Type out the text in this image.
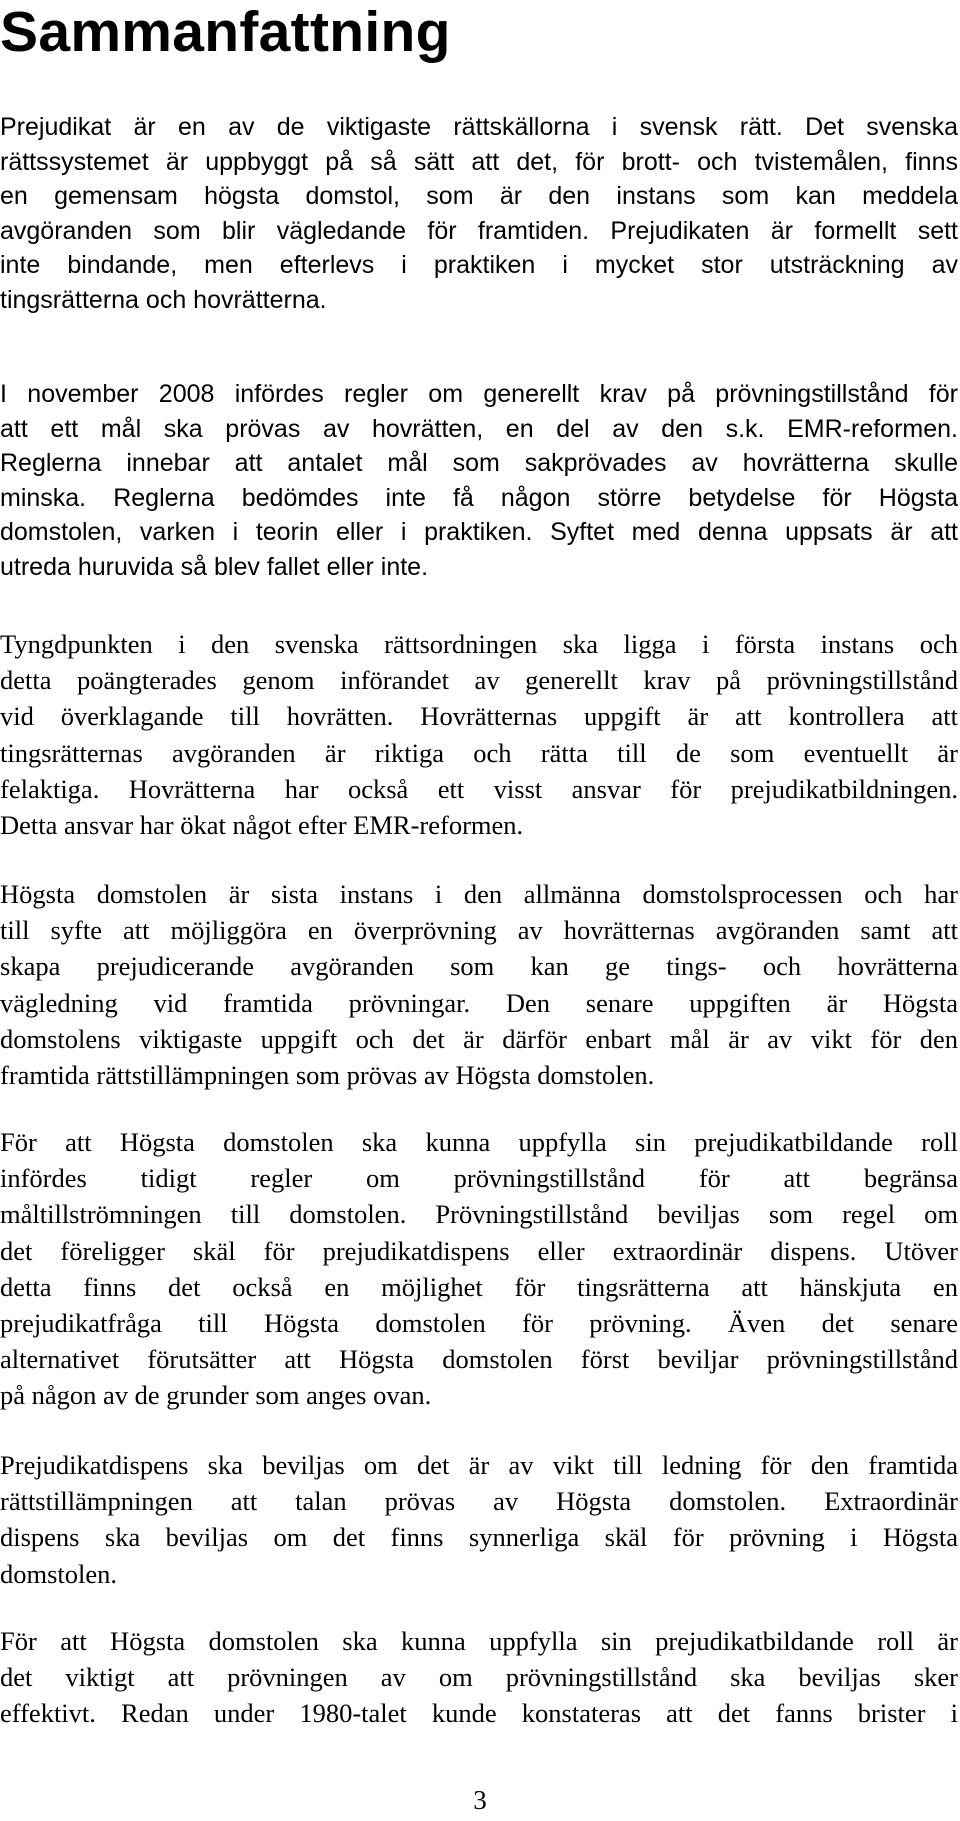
Sammanfattning
Prejudikat är en av de viktigaste rättskällorna i svensk rätt. Det svenska
rättssystemet är uppbyggt på så sätt att det, för brott- och tvistemålen, finns
en gemensam högsta domstol, som är den instans som kan meddela
avgöranden som blir vägledande för framtiden. Prejudikaten är formellt sett
inte bindande, men efterlevs i praktiken i mycket stor utsträckning av
tingsrätterna och hovrätterna.
I november 2008 infördes regler om generellt krav på prövningstillstånd för
att ett mål ska prövas av hovrätten, en del av den s.k. EMR-reformen.
Reglerna innebar att antalet mål som sakprövades av hovrätterna skulle
minska. Reglerna bedömdes inte få någon större betydelse för Högsta
domstolen, varken i teorin eller i praktiken. Syftet med denna uppsats är att
utreda huruvida så blev fallet eller inte.
Tyngdpunkten i den svenska rättsordningen ska ligga i första instans och
detta poängterades genom införandet av generellt krav på prövningstillstånd
vid överklagande till hovrätten. Hovrätternas uppgift är att kontrollera att
tingsrätternas avgöranden är riktiga och rätta till de som eventuellt är
felaktiga. Hovrätterna har också ett visst ansvar för prejudikatbildningen.
Detta ansvar har ökat något efter EMR-reformen.
Högsta domstolen är sista instans i den allmänna domstolsprocessen och har
till syfte att möjliggöra en överprövning av hovrätternas avgöranden samt att
skapa prejudicerande avgöranden som kan ge tings- och hovrätterna
vägledning vid framtida prövningar. Den senare uppgiften är Högsta
domstolens viktigaste uppgift och det är därför enbart mål är av vikt för den
framtida rättstillämpningen som prövas av Högsta domstolen.
För att Högsta domstolen ska kunna uppfylla sin prejudikatbildande roll
infördes tidigt regler om prövningstillstånd för att begränsa
måltillströmningen till domstolen. Prövningstillstånd beviljas som regel om
det föreligger skäl för prejudikatdispens eller extraordinär dispens. Utöver
detta finns det också en möjlighet för tingsrätterna att hänskjuta en
prejudikatfråga till Högsta domstolen för prövning. Även det senare
alternativet förutsätter att Högsta domstolen först beviljar prövningstillstånd
på någon av de grunder som anges ovan.
Prejudikatdispens ska beviljas om det är av vikt till ledning för den framtida
rättstillämpningen att talan prövas av Högsta domstolen. Extraordinär
dispens ska beviljas om det finns synnerliga skäl för prövning i Högsta
domstolen.
För att Högsta domstolen ska kunna uppfylla sin prejudikatbildande roll är
det viktigt att prövningen av om prövningstillstånd ska beviljas sker
effektivt. Redan under 1980-talet kunde konstateras att det fanns brister i
3
